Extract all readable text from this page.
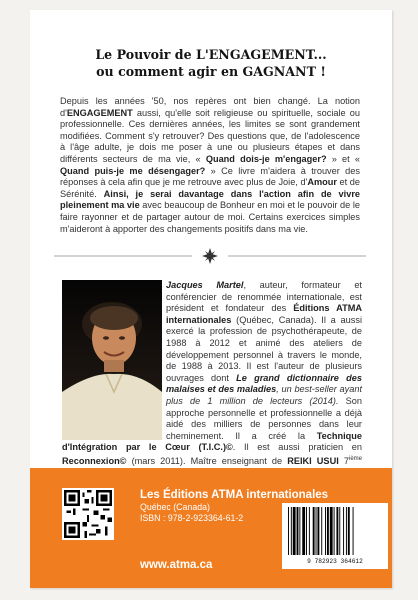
Le Pouvoir de L'ENGAGEMENT...
ou comment agir en GAGNANT !
Depuis les années '50, nos repères ont bien changé. La notion d'ENGAGEMENT aussi, qu'elle soit religieuse ou spirituelle, sociale ou professionnelle. Ces dernières années, les limites se sont grandement modifiées. Comment s'y retrouver? Des questions que, de l'adolescence à l'âge adulte, je dois me poser à une ou plusieurs étapes et dans différents secteurs de ma vie, « Quand dois-je m'engager? » et « Quand puis-je me désengager? » Ce livre m'aidera à trouver des réponses à cela afin que je me retrouve avec plus de Joie, d'Amour et de Sérénité. Ainsi, je serai davantage dans l'action afin de vivre pleinement ma vie avec beaucoup de Bonheur en moi et le pouvoir de le faire rayonner et de partager autour de moi. Certains exercices simples m'aideront à apporter des changements positifs dans ma vie.
Jacques Martel, auteur, formateur et conférencier de renommée internationale, est président et fondateur des Éditions ATMA internationales (Québec, Canada). Il a aussi exercé la profession de psychothérapeute, de 1988 à 2012 et animé des ateliers de développement personnel à travers le monde, de 1988 à 2013. Il est l'auteur de plusieurs ouvrages dont Le grand dictionnaire des malaises et des maladies, un best-seller ayant plus de 1 million de lecteurs (2014). Son approche personnelle et professionnelle a déjà aidé des milliers de personnes dans leur cheminement. Il a créé la Technique d'Intégration par le Cœur (T.I.C.)©. Il est aussi praticien en Reconnexion© (mars 2011). Maître enseignant de REIKI USUI 7ième
Les Éditions ATMA internationales
Québec (Canada)
ISBN : 978-2-923364-61-2
www.atma.ca	9 782923 364612
